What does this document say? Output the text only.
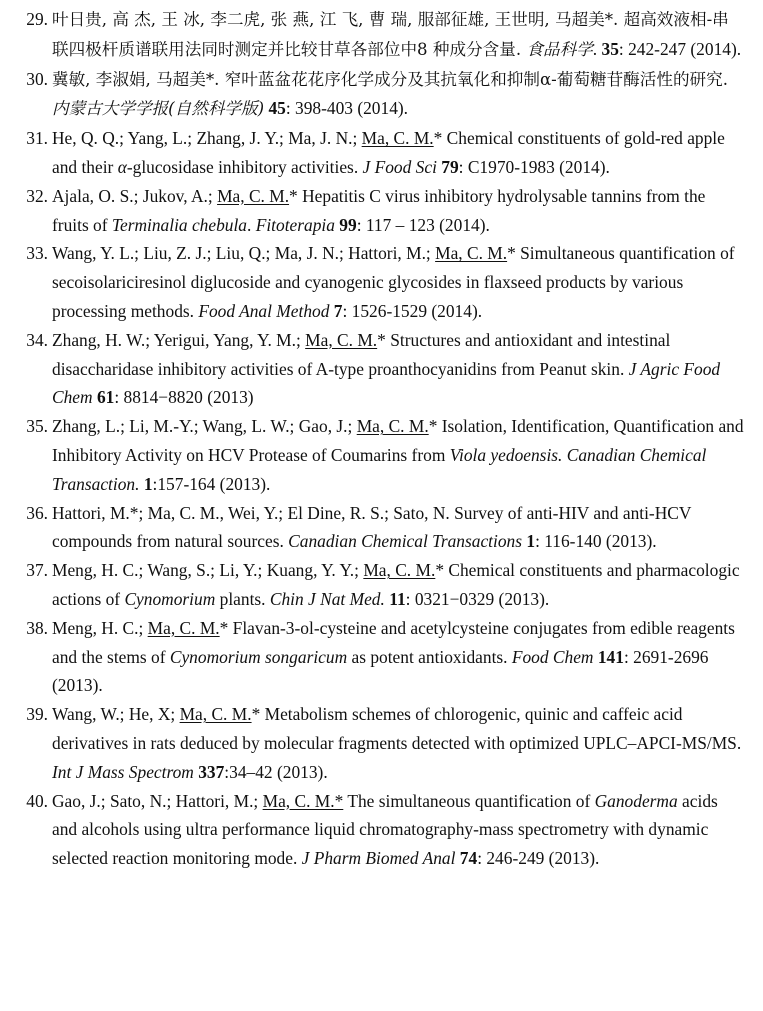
29. 叶日贵, 高 杰, 王 冰, 李二虎, 张 燕, 江 飞, 曹 瑞, 服部征雄, 王世明, 马超美*. 超高效液相-串联四极杆质谱联用法同时测定并比较甘草各部位中8 种成分含量. 食品科学. 35: 242-247 (2014).
30. 冀敏, 李淑娟, 马超美*. 窄叶蓝盆花花序化学成分及其抗氧化和抑制α-葡萄糖苷酶活性的研究. 内蒙古大学学报(自然科学版) 45: 398-403 (2014).
31. He, Q. Q.; Yang, L.; Zhang, J. Y.; Ma, J. N.; Ma, C. M.* Chemical constituents of gold-red apple and their α-glucosidase inhibitory activities. J Food Sci 79: C1970-1983 (2014).
32. Ajala, O. S.; Jukov, A.; Ma, C. M.* Hepatitis C virus inhibitory hydrolysable tannins from the fruits of Terminalia chebula. Fitoterapia 99: 117 – 123 (2014).
33. Wang, Y. L.; Liu, Z. J.; Liu, Q.; Ma, J. N.; Hattori, M.; Ma, C. M.* Simultaneous quantification of secoisolariciresinol diglucoside and cyanogenic glycosides in flaxseed products by various processing methods. Food Anal Method 7: 1526-1529 (2014).
34. Zhang, H. W.; Yerigui, Yang, Y. M.; Ma, C. M.* Structures and antioxidant and intestinal disaccharidase inhibitory activities of A-type proanthocyanidins from Peanut skin. J Agric Food Chem 61: 8814−8820 (2013)
35. Zhang, L.; Li, M.-Y.; Wang, L. W.; Gao, J.; Ma, C. M.* Isolation, Identification, Quantification and Inhibitory Activity on HCV Protease of Coumarins from Viola yedoensis. Canadian Chemical Transaction. 1:157-164 (2013).
36. Hattori, M.*; Ma, C. M., Wei, Y.; El Dine, R. S.; Sato, N. Survey of anti-HIV and anti-HCV compounds from natural sources. Canadian Chemical Transactions 1: 116-140 (2013).
37. Meng, H. C.; Wang, S.; Li, Y.; Kuang, Y. Y.; Ma, C. M.* Chemical constituents and pharmacologic actions of Cynomorium plants. Chin J Nat Med. 11: 0321−0329 (2013).
38. Meng, H. C.; Ma, C. M.* Flavan-3-ol-cysteine and acetylcysteine conjugates from edible reagents and the stems of Cynomorium songaricum as potent antioxidants. Food Chem 141: 2691-2696 (2013).
39. Wang, W.; He, X; Ma, C. M.* Metabolism schemes of chlorogenic, quinic and caffeic acid derivatives in rats deduced by molecular fragments detected with optimized UPLC–APCI-MS/MS. Int J Mass Spectrom 337:34–42 (2013).
40. Gao, J.; Sato, N.; Hattori, M.; Ma, C. M.* The simultaneous quantification of Ganoderma acids and alcohols using ultra performance liquid chromatography-mass spectrometry with dynamic selected reaction monitoring mode. J Pharm Biomed Anal 74: 246-249 (2013).
